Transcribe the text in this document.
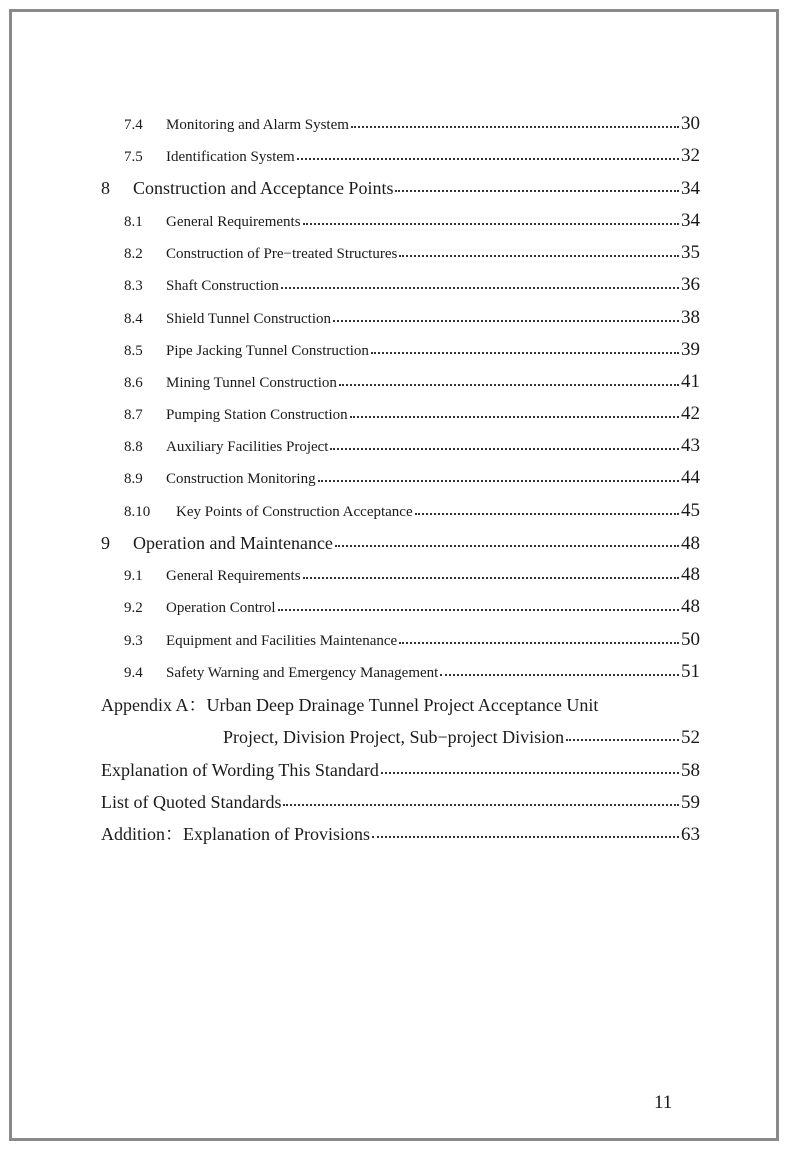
7.4	Monitoring and Alarm System	30
7.5	Identification System	32
8	Construction and Acceptance Points	34
8.1	General Requirements	34
8.2	Construction of Pre−treated Structures	35
8.3	Shaft Construction	36
8.4	Shield Tunnel Construction	38
8.5	Pipe Jacking Tunnel Construction	39
8.6	Mining Tunnel Construction	41
8.7	Pumping Station Construction	42
8.8	Auxiliary Facilities Project	43
8.9	Construction Monitoring	44
8.10	Key Points of Construction Acceptance	45
9	Operation and Maintenance	48
9.1	General Requirements	48
9.2	Operation Control	48
9.3	Equipment and Facilities Maintenance	50
9.4	Safety Warning and Emergency Management	51
Appendix A：Urban Deep Drainage Tunnel Project Acceptance Unit
Project, Division Project, Sub−project Division	52
Explanation of Wording This Standard	58
List of Quoted Standards	59
Addition：Explanation of Provisions	63
11
